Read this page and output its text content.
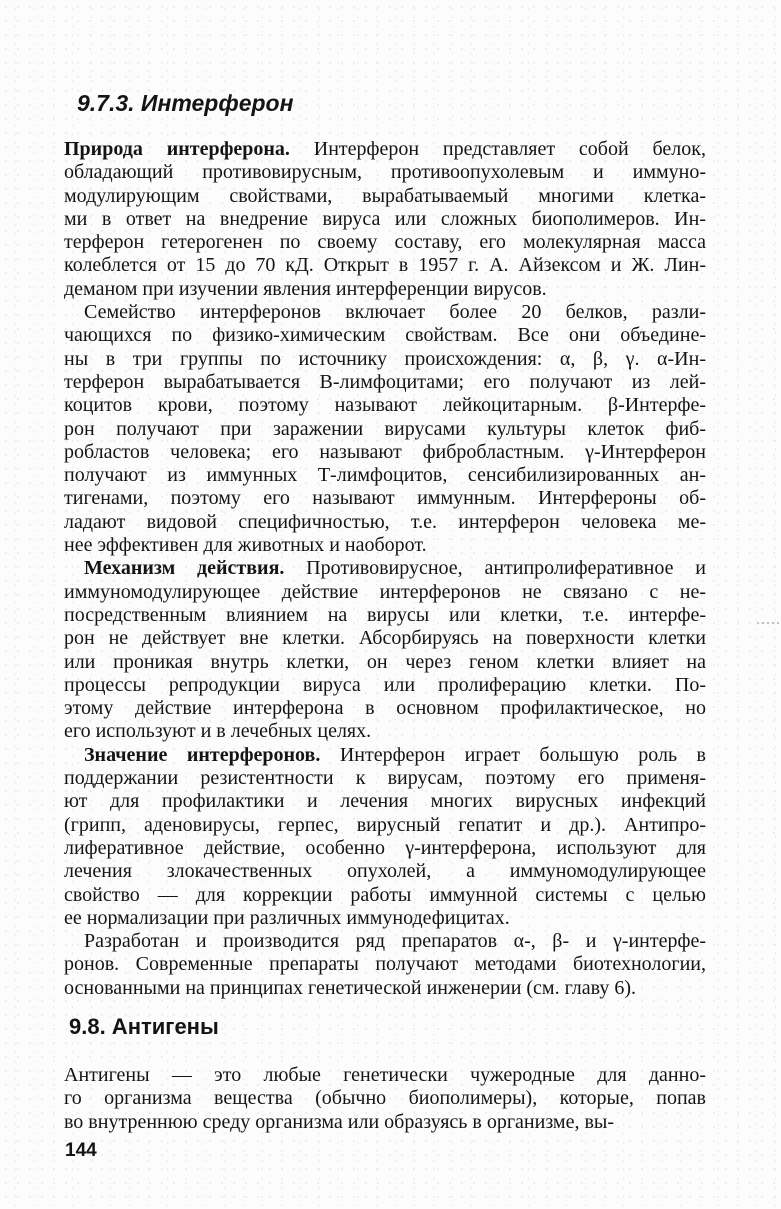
9.7.3. Интерферон
Природа интерферона. Интерферон представляет собой белок,
обладающий противовирусным, противоопухолевым и иммуно-
модулирующим свойствами, вырабатываемый многими клетка-
ми в ответ на внедрение вируса или сложных биополимеров. Ин-
терферон гетерогенен по своему составу, его молекулярная масса
колеблется от 15 до 70 кД. Открыт в 1957 г. А. Айзексом и Ж. Лин-
деманом при изучении явления интерференции вирусов.
Семейство интерферонов включает более 20 белков, разли-
чающихся по физико-химическим свойствам. Все они объедине-
ны в три группы по источнику происхождения: α, β, γ. α-Ин-
терферон вырабатывается В-лимфоцитами; его получают из лей-
коцитов крови, поэтому называют лейкоцитарным. β-Интерфе-
рон получают при заражении вирусами культуры клеток фиб-
робластов человека; его называют фибробластным. γ-Интерферон
получают из иммунных Т-лимфоцитов, сенсибилизированных ан-
тигенами, поэтому его называют иммунным. Интерфероны об-
ладают видовой специфичностью, т.е. интерферон человека ме-
нее эффективен для животных и наоборот.
Механизм действия. Противовирусное, антипролиферативное и
иммуномодулирующее действие интерферонов не связано с не-
посредственным влиянием на вирусы или клетки, т.е. интерфе-
рон не действует вне клетки. Абсорбируясь на поверхности клетки
или проникая внутрь клетки, он через геном клетки влияет на
процессы репродукции вируса или пролиферацию клетки. По-
этому действие интерферона в основном профилактическое, но
его используют и в лечебных целях.
Значение интерферонов. Интерферон играет большую роль в
поддержании резистентности к вирусам, поэтому его применя-
ют для профилактики и лечения многих вирусных инфекций
(грипп, аденовирусы, герпес, вирусный гепатит и др.). Антипро-
лиферативное действие, особенно γ-интерферона, используют для
лечения злокачественных опухолей, а иммуномодулирующее
свойство — для коррекции работы иммунной системы с целью
ее нормализации при различных иммунодефицитах.
Разработан и производится ряд препаратов α-, β- и γ-интерфе-
ронов. Современные препараты получают методами биотехнологии,
основанными на принципах генетической инженерии (см. главу 6).
9.8. Антигены
Антигены — это любые генетически чужеродные для данно-
го организма вещества (обычно биополимеры), которые, попав
во внутреннюю среду организма или образуясь в организме, вы-
144
